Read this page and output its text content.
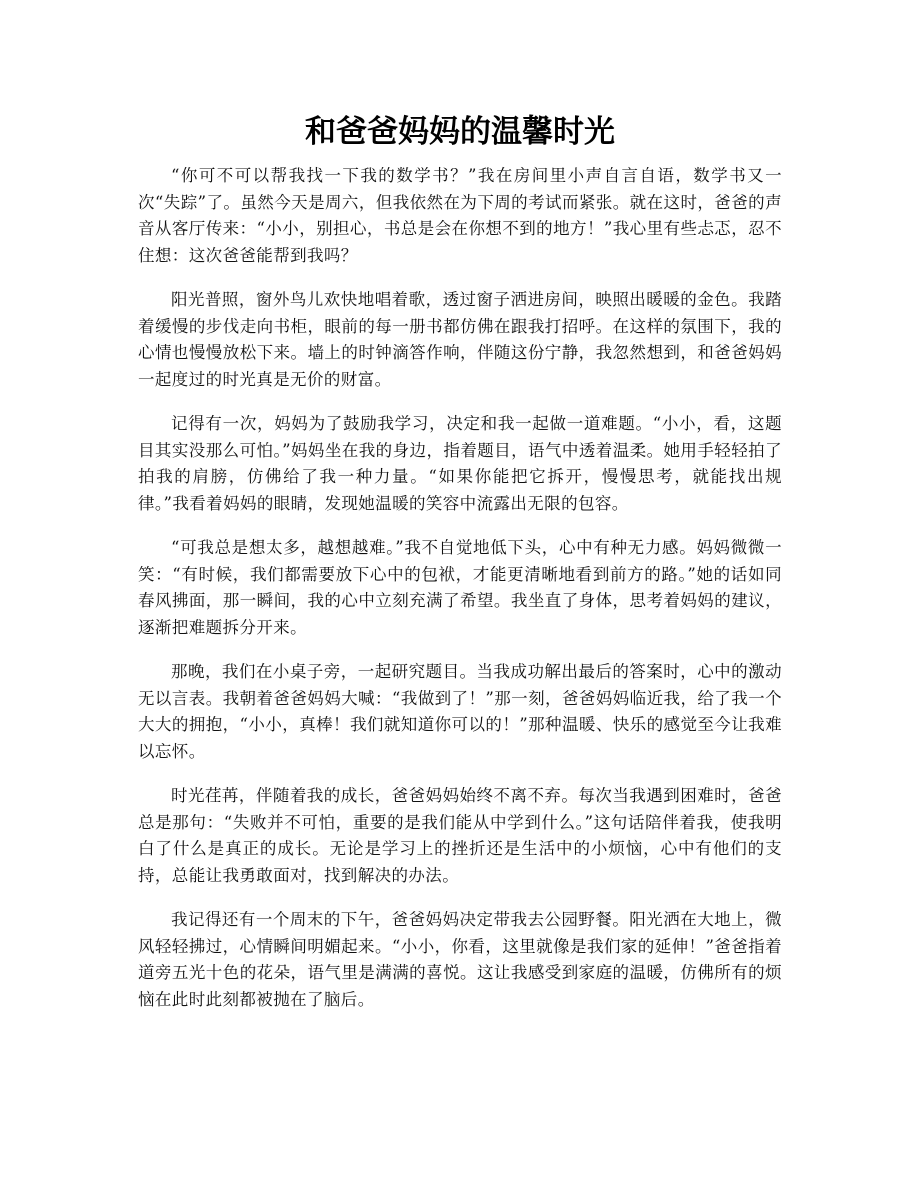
和爸爸妈妈的温馨时光

“你可不可以帮我找一下我的数学书？”我在房间里小声自言自语，数学书又一次“失踪”了。虽然今天是周六，但我依然在为下周的考试而紧张。就在这时，爸爸的声音从客厅传来：“小小，别担心，书总是会在你想不到的地方！”我心里有些忐忑，忍不住想：这次爸爸能帮到我吗？

阳光普照，窗外鸟儿欢快地唱着歌，透过窗子洒进房间，映照出暖暖的金色。我踏着缓慢的步伐走向书柜，眼前的每一册书都仿佛在跟我打招呼。在这样的氛围下，我的心情也慢慢放松下来。墙上的时钟滴答作响，伴随这份宁静，我忽然想到，和爸爸妈妈一起度过的时光真是无价的财富。

记得有一次，妈妈为了鼓励我学习，决定和我一起做一道难题。“小小，看，这题目其实没那么可怕。”妈妈坐在我的身边，指着题目，语气中透着温柔。她用手轻轻拍了拍我的肩膀，仿佛给了我一种力量。“如果你能把它拆开，慢慢思考，就能找出规律。”我看着妈妈的眼睛，发现她温暖的笑容中流露出无限的包容。

“可我总是想太多，越想越难。”我不自觉地低下头，心中有种无力感。妈妈微微一笑：“有时候，我们都需要放下心中的包袱，才能更清晰地看到前方的路。”她的话如同春风拂面，那一瞬间，我的心中立刻充满了希望。我坐直了身体，思考着妈妈的建议，逐渐把难题拆分开来。

那晚，我们在小桌子旁，一起研究题目。当我成功解出最后的答案时，心中的激动无以言表。我朝着爸爸妈妈大喊：“我做到了！”那一刻，爸爸妈妈临近我，给了我一个大大的拥抱，“小小，真棒！我们就知道你可以的！”那种温暖、快乐的感觉至今让我难以忘怀。

时光荏苒，伴随着我的成长，爸爸妈妈始终不离不弃。每次当我遇到困难时，爸爸总是那句：“失败并不可怕，重要的是我们能从中学到什么。”这句话陪伴着我，使我明白了什么是真正的成长。无论是学习上的挫折还是生活中的小烦恼，心中有他们的支持，总能让我勇敢面对，找到解决的办法。

我记得还有一个周末的下午，爸爸妈妈决定带我去公园野餐。阳光洒在大地上，微风轻轻拂过，心情瞬间明媚起来。“小小，你看，这里就像是我们家的延伸！”爸爸指着道旁五光十色的花朵，语气里是满满的喜悦。这让我感受到家庭的温暖，仿佛所有的烦恼在此时此刻都被抛在了脑后。
